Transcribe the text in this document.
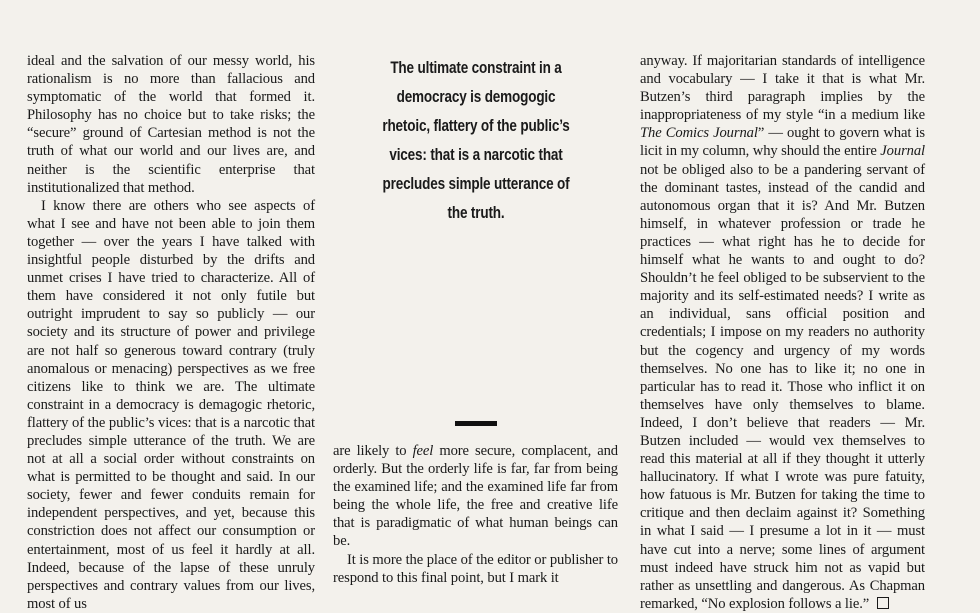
ideal and the salvation of our messy world, his rationalism is no more than fallacious and symptomatic of the world that formed it. Philosophy has no choice but to take risks; the “secure” ground of Cartesian method is not the truth of what our world and our lives are, and neither is the scientific enterprise that institutionalized that method.

I know there are others who see aspects of what I see and have not been able to join them together — over the years I have talked with insightful people disturbed by the drifts and unmet crises I have tried to characterize. All of them have considered it not only futile but outright imprudent to say so publicly — our society and its structure of power and privilege are not half so generous toward contrary (truly anomalous or menacing) perspectives as we free citizens like to think we are. The ultimate constraint in a democracy is demagogic rhetoric, flattery of the public’s vices: that is a narcotic that precludes simple utterance of the truth. We are not at all a social order without constraints on what is permitted to be thought and said. In our society, fewer and fewer conduits remain for independent perspectives, and yet, because this constriction does not affect our consumption or entertainment, most of us feel it hardly at all. Indeed, because of the lapse of these unruly perspectives and contrary values from our lives, most of us

The ultimate constraint in a democracy is demogogic rhetoic, flattery of the public’s vices: that is a narcotic that precludes simple utterance of the truth.

are likely to feel more secure, complacent, and orderly. But the orderly life is far, far from being the examined life; and the examined life far from being the whole life, the free and creative life that is paradigmatic of what human beings can be.

It is more the place of the editor or publisher to respond to this final point, but I mark it

anyway. If majoritarian standards of intelligence and vocabulary — I take it that is what Mr. Butzen’s third paragraph implies by the inappropriateness of my style “in a medium like The Comics Journal” — ought to govern what is licit in my column, why should the entire Journal not be obliged also to be a pandering servant of the dominant tastes, instead of the candid and autonomous organ that it is? And Mr. Butzen himself, in whatever profession or trade he practices — what right has he to decide for himself what he wants to and ought to do? Shouldn’t he feel obliged to be subservient to the majority and its self-estimated needs? I write as an individual, sans official position and credentials; I impose on my readers no authority but the cogency and urgency of my words themselves. No one has to like it; no one in particular has to read it. Those who inflict it on themselves have only themselves to blame. Indeed, I don’t believe that readers — Mr. Butzen included — would vex themselves to read this material at all if they thought it utterly hallucinatory. If what I wrote was pure fatuity, how fatuous is Mr. Butzen for taking the time to critique and then declaim against it? Something in what I said — I presume a lot in it — must have cut into a nerve; some lines of argument must indeed have struck him not as vapid but rather as unsettling and dangerous. As Chapman remarked, “No explosion follows a lie.”
